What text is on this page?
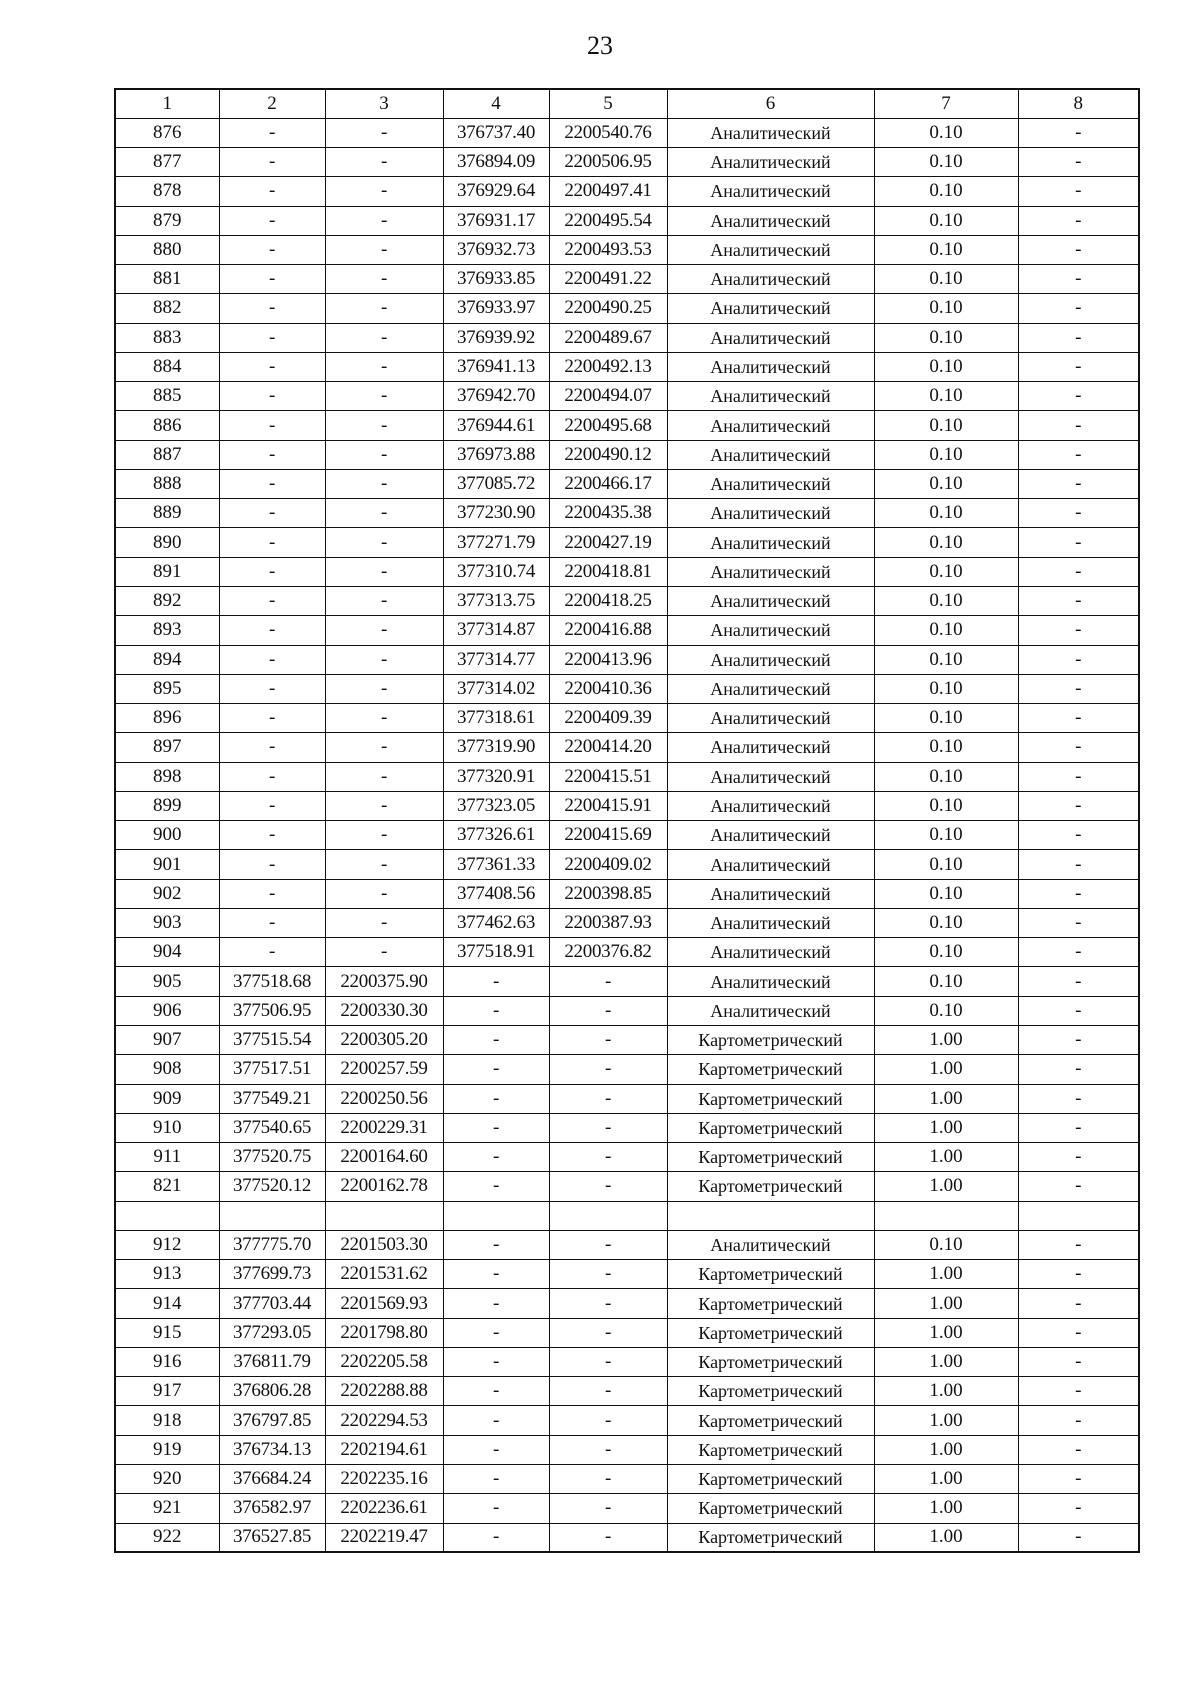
23
1	2	3	4	5	6	7	8
876	-	-	376737.40	2200540.76	Аналитический	0.10	-
877	-	-	376894.09	2200506.95	Аналитический	0.10	-
878	-	-	376929.64	2200497.41	Аналитический	0.10	-
879	-	-	376931.17	2200495.54	Аналитический	0.10	-
880	-	-	376932.73	2200493.53	Аналитический	0.10	-
881	-	-	376933.85	2200491.22	Аналитический	0.10	-
882	-	-	376933.97	2200490.25	Аналитический	0.10	-
883	-	-	376939.92	2200489.67	Аналитический	0.10	-
884	-	-	376941.13	2200492.13	Аналитический	0.10	-
885	-	-	376942.70	2200494.07	Аналитический	0.10	-
886	-	-	376944.61	2200495.68	Аналитический	0.10	-
887	-	-	376973.88	2200490.12	Аналитический	0.10	-
888	-	-	377085.72	2200466.17	Аналитический	0.10	-
889	-	-	377230.90	2200435.38	Аналитический	0.10	-
890	-	-	377271.79	2200427.19	Аналитический	0.10	-
891	-	-	377310.74	2200418.81	Аналитический	0.10	-
892	-	-	377313.75	2200418.25	Аналитический	0.10	-
893	-	-	377314.87	2200416.88	Аналитический	0.10	-
894	-	-	377314.77	2200413.96	Аналитический	0.10	-
895	-	-	377314.02	2200410.36	Аналитический	0.10	-
896	-	-	377318.61	2200409.39	Аналитический	0.10	-
897	-	-	377319.90	2200414.20	Аналитический	0.10	-
898	-	-	377320.91	2200415.51	Аналитический	0.10	-
899	-	-	377323.05	2200415.91	Аналитический	0.10	-
900	-	-	377326.61	2200415.69	Аналитический	0.10	-
901	-	-	377361.33	2200409.02	Аналитический	0.10	-
902	-	-	377408.56	2200398.85	Аналитический	0.10	-
903	-	-	377462.63	2200387.93	Аналитический	0.10	-
904	-	-	377518.91	2200376.82	Аналитический	0.10	-
905	377518.68	2200375.90	-	-	Аналитический	0.10	-
906	377506.95	2200330.30	-	-	Аналитический	0.10	-
907	377515.54	2200305.20	-	-	Картометрический	1.00	-
908	377517.51	2200257.59	-	-	Картометрический	1.00	-
909	377549.21	2200250.56	-	-	Картометрический	1.00	-
910	377540.65	2200229.31	-	-	Картометрический	1.00	-
911	377520.75	2200164.60	-	-	Картометрический	1.00	-
821	377520.12	2200162.78	-	-	Картометрический	1.00	-

912	377775.70	2201503.30	-	-	Аналитический	0.10	-
913	377699.73	2201531.62	-	-	Картометрический	1.00	-
914	377703.44	2201569.93	-	-	Картометрический	1.00	-
915	377293.05	2201798.80	-	-	Картометрический	1.00	-
916	376811.79	2202205.58	-	-	Картометрический	1.00	-
917	376806.28	2202288.88	-	-	Картометрический	1.00	-
918	376797.85	2202294.53	-	-	Картометрический	1.00	-
919	376734.13	2202194.61	-	-	Картометрический	1.00	-
920	376684.24	2202235.16	-	-	Картометрический	1.00	-
921	376582.97	2202236.61	-	-	Картометрический	1.00	-
922	376527.85	2202219.47	-	-	Картометрический	1.00	-
